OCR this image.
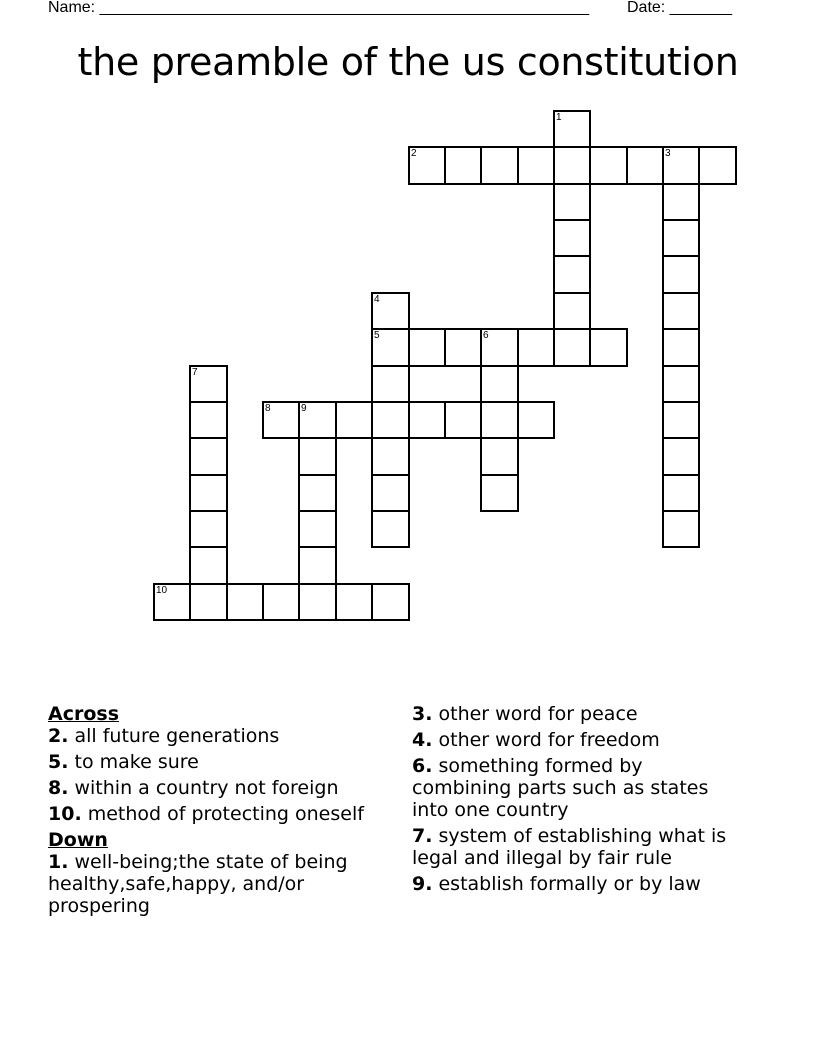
Name: _______________________________________________________ Date: _______
the preamble of the us constitution
1
2	3
4
5	6
7
8	9
10
Across
2. all future generations
5. to make sure
8. within a country not foreign
10. method of protecting oneself
Down
1. well-being;the state of being healthy,safe,happy, and/or prospering
3. other word for peace
4. other word for freedom
6. something formed by combining parts such as states into one country
7. system of establishing what is legal and illegal by fair rule
9. establish formally or by law
